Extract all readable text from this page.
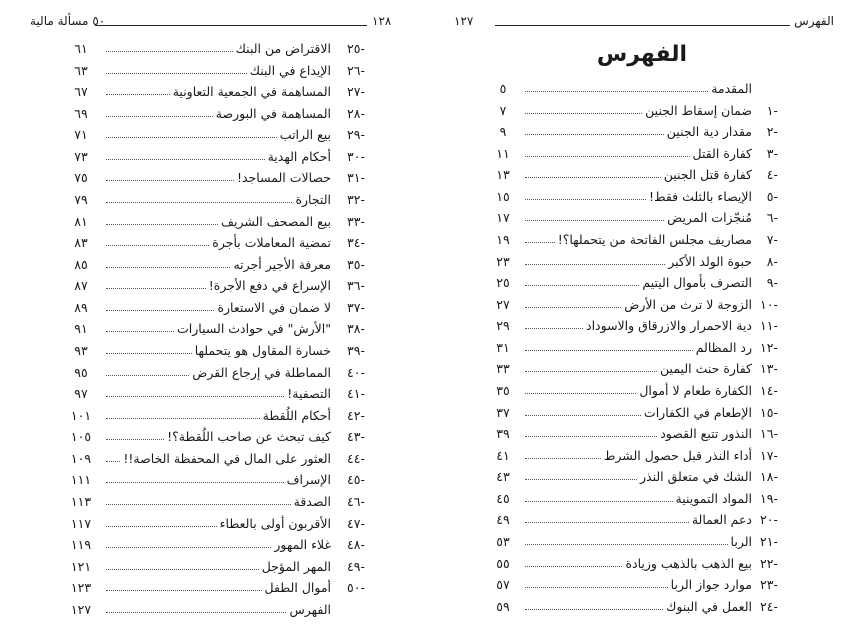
١٢٨
٥٠ مسألة مالية
-٢٥
الاقتراض من البنك
٦١
-٢٦
الإيداع في البنك
٦٣
-٢٧
المساهمة في الجمعية التعاونية
٦٧
-٢٨
المساهمة في البورصة
٦٩
-٢٩
بيع الراتب
٧١
-٣٠
أحكام الهدية
٧٣
-٣١
حصالات المساجد!
٧٥
-٣٢
التجارة
٧٩
-٣٣
بيع المصحف الشريف
٨١
-٣٤
تمضية المعاملات بأجرة
٨٣
-٣٥
معرفة الأجير أجرته
٨٥
-٣٦
الإسراع في دفع الأجرة!
٨٧
-٣٧
لا ضمان في الاستعارة
٨٩
-٣٨
"الأرش" في حوادث السيارات
٩١
-٣٩
خسارة المقاول هو يتحملها
٩٣
-٤٠
المماطلة في إرجاع القرض
٩٥
-٤١
التصفية!
٩٧
-٤٢
أحكام اللُقطة
١٠١
-٤٣
كيف تبحث عن صاحب اللُقطة؟!
١٠٥
-٤٤
العثور على المال في المحفظة الخاصة!!
١٠٩
-٤٥
الإسراف
١١١
-٤٦
الصدقة
١١٣
-٤٧
الأقربون أولى بالعطاء
١١٧
-٤٨
غلاء المهور
١١٩
-٤٩
المهر المؤجل
١٢١
-٥٠
أموال الطفل
١٢٣
الفهرس
١٢٧
١٢٧	الفهرس
الفهرس
المقدمة
٥
-١
ضمان إسقاط الجنين
٧
-٢
مقدار دية الجنين
٩
-٣
كفارة القتل
١١
-٤
كفارة قتل الجنين
١٣
-٥
الإيصاء بالثلث فقط!
١٥
-٦
مُنجّزات المريض
١٧
-٧
مصاريف مجلس الفاتحة من يتحملها؟!
١٩
-٨
حبوة الولد الأكبر
٢٣
-٩
التصرف بأموال اليتيم
٢٥
-١٠
الزوجة لا ترث من الأرض
٢٧
-١١
دية الاحمرار والازرقاق والاسوداد
٢٩
-١٢
رد المظالم
٣١
-١٣
كفارة حنث اليمين
٣٣
-١٤
الكفارة طعام لا أموال
٣٥
-١٥
الإطعام في الكفارات
٣٧
-١٦
النذور تتبع القصود
٣٩
-١٧
أداء النذر قبل حصول الشرط
٤١
-١٨
الشك في متعلق النذر
٤٣
-١٩
المواد التموينية
٤٥
-٢٠
دعم العمالة
٤٩
-٢١
الربا
٥٣
-٢٢
بيع الذهب بالذهب وزيادة
٥٥
-٢٣
موارد جواز الربا
٥٧
-٢٤
العمل في البنوك
٥٩
